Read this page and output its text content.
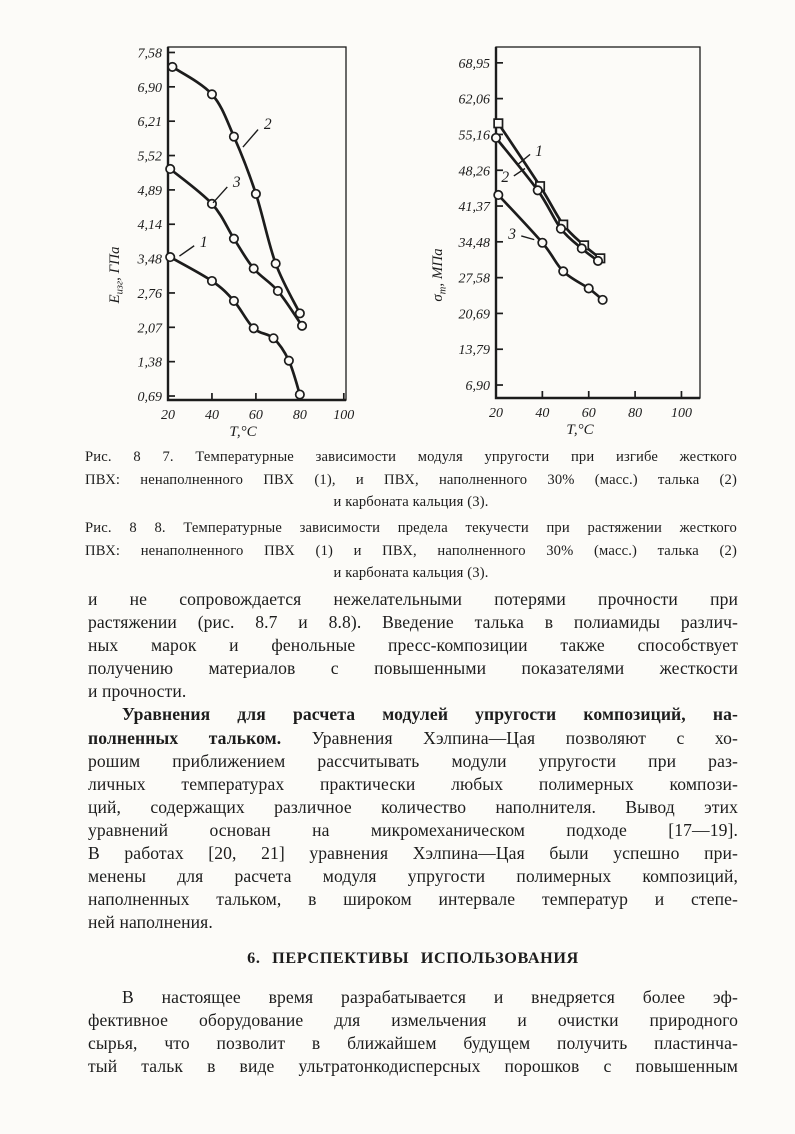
0,69
1,38
2,07
2,76
3,48
4,14
4,89
5,52
6,21
6,90
7,58
20 40 60 80 100
1
2
3
Т,°С
$Е_{изг}$, ГПа
6,90
13,79
20,69
27,58
34,48
41,37
48,26
55,16
62,06
68,95
20 40 60 80 100
1
2
3
Т,°С
$\sigma_т$, МПа
Рис. 8 7. Температурные зависимости модуля упругости при изгибе жесткого
ПВХ: ненаполненного ПВХ (1), и ПВХ, наполненного 30% (масс.) талька (2)
и карбоната кальция (3).
Рис. 8 8. Температурные зависимости предела текучести при растяжении жесткого
ПВХ: ненаполненного ПВХ (1) и ПВХ, наполненного 30% (масс.) талька (2)
и карбоната кальция (3).

и не сопровождается нежелательными потерями прочности при
растяжении (рис. 8.7 и 8.8). Введение талька в полиамиды различ-
ных марок и фенольные пресс-композиции также способствует
получению материалов с повышенными показателями жесткости
и прочности.

Уравнения для расчета модулей упругости композиций, на-
полненных тальком. Уравнения Хэлпина—Цая позволяют с хо-
рошим приближением рассчитывать модули упругости при раз-
личных температурах практически любых полимерных компози-
ций, содержащих различное количество наполнителя. Вывод этих
уравнений основан на микромеханическом подходе [17—19].
В работах [20, 21] уравнения Хэлпина—Цая были успешно при-
менены для расчета модуля упругости полимерных композиций,
наполненных тальком, в широком интервале температур и степе-
ней наполнения.

6. ПЕРСПЕКТИВЫ ИСПОЛЬЗОВАНИЯ

В настоящее время разрабатывается и внедряется более эф-
фективное оборудование для измельчения и очистки природного
сырья, что позволит в ближайшем будущем получить пластинча-
тый тальк в виде ультратонкодисперсных порошков с повышенным
